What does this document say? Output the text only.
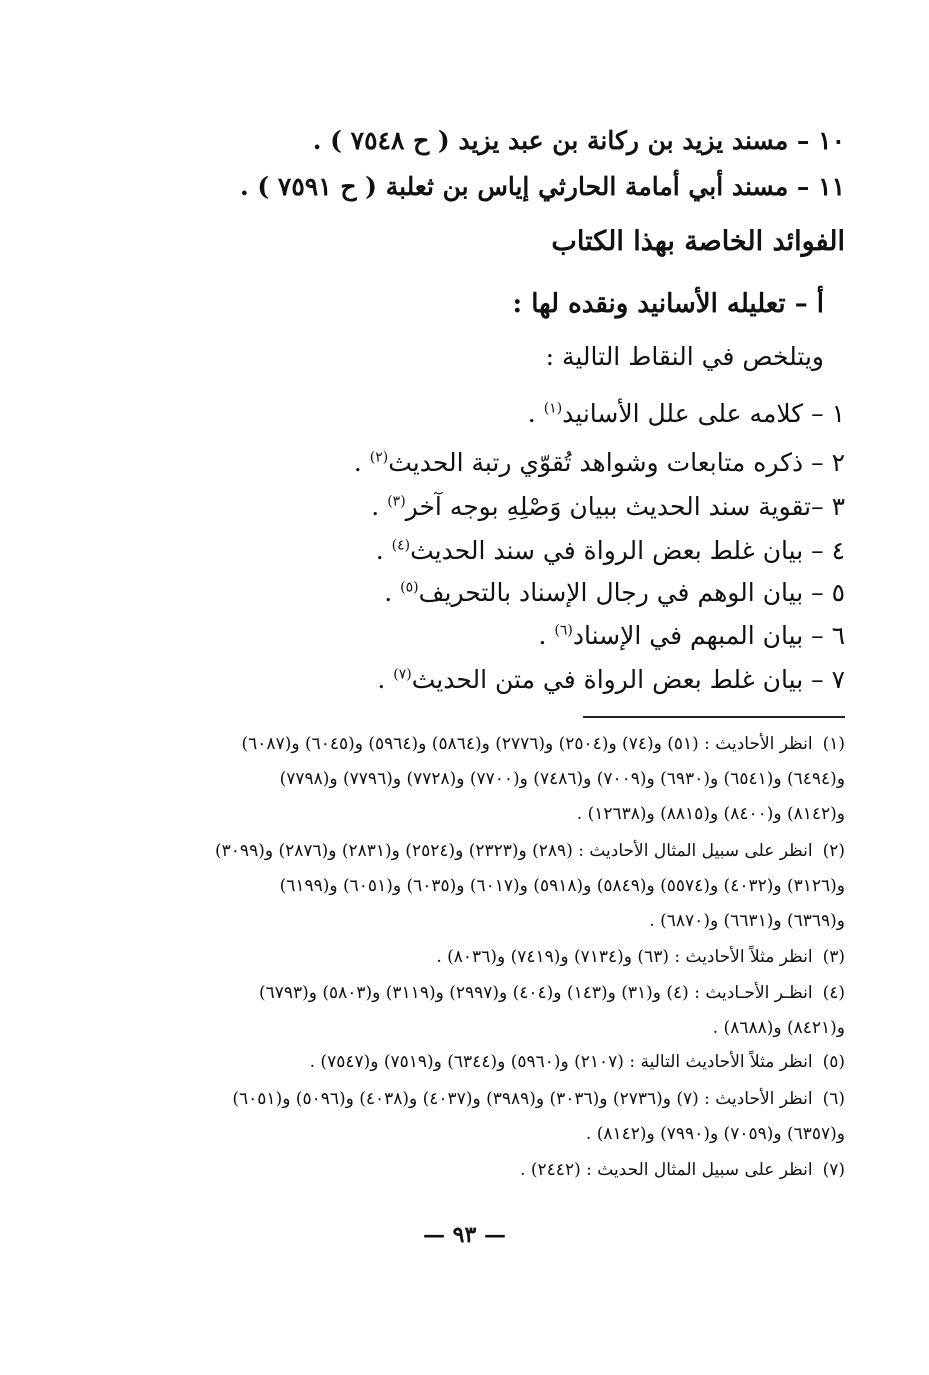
١٠ – مسند يزيد بن ركانة بن عبد يزيد ( ح ٧٥٤٨ ) .
١١ – مسند أبي أمامة الحارثي إياس بن ثعلبة ( ح ٧٥٩١ ) .
الفوائد الخاصة بهذا الكتاب
أ – تعليله الأسانيد ونقده لها :
ويتلخص في النقاط التالية :
١ – كلامه على علل الأسانيد$^{(١)}$ .
٢ – ذكره متابعات وشواهد تُقوّي رتبة الحديث$^{(٢)}$ .
٣ –تقوية سند الحديث ببيان وَصْلِهِ بوجه آخر$^{(٣)}$ .
٤ – بيان غلط بعض الرواة في سند الحديث$^{(٤)}$ .
٥ – بيان الوهم في رجال الإسناد بالتحريف$^{(٥)}$ .
٦ – بيان المبهم في الإسناد$^{(٦)}$ .
٧ – بيان غلط بعض الرواة في متن الحديث$^{(٧)}$ .
(١)انظر الأحاديث : (٥١) و(٧٤) و(٢٥٠٤) و(٢٧٧٦) و(٥٨٦٤) و(٥٩٦٤) و(٦٠٤٥) و(٦٠٨٧)
و(٦٤٩٤) و(٦٥٤١) و(٦٩٣٠) و(٧٠٠٩) و(٧٤٨٦) و(٧٧٠٠) و(٧٧٢٨) و(٧٧٩٦) و(٧٧٩٨)
و(٨١٤٢) و(٨٤٠٠) و(٨٨١٥) و(١٢٦٣٨) .
(٢)انظر على سبيل المثال الأحاديث : (٢٨٩) و(٢٣٢٣) و(٢٥٢٤) و(٢٨٣١) و(٢٨٧٦) و(٣٠٩٩)
و(٣١٢٦) و(٤٠٣٢) و(٥٥٧٤) و(٥٨٤٩) و(٥٩١٨) و(٦٠١٧) و(٦٠٣٥) و(٦٠٥١) و(٦١٩٩)
و(٦٣٦٩) و(٦٦٣١) و(٦٨٧٠) .
(٣)انظر مثلاً الأحاديث : (٦٣) و(٧١٣٤) و(٧٤١٩) و(٨٠٣٦) .
(٤)انظـر الأحـاديث : (٤) و(٣١) و(١٤٣) و(٤٠٤) و(٢٩٩٧) و(٣١١٩) و(٥٨٠٣) و(٦٧٩٣)
و(٨٤٢١) و(٨٦٨٨) .
(٥)انظر مثلاً الأحاديث التالية : (٢١٠٧) و(٥٩٦٠) و(٦٣٤٤) و(٧٥١٩) و(٧٥٤٧) .
(٦)انظر الأحاديث : (٧) و(٢٧٣٦) و(٣٠٣٦) و(٣٩٨٩) و(٤٠٣٧) و(٤٠٣٨) و(٥٠٩٦) و(٦٠٥١)
و(٦٣٥٧) و(٧٠٥٩) و(٧٩٩٠) و(٨١٤٢) .
(٧)انظر على سبيل المثال الحديث : (٢٤٤٢) .
— ٩٣ —
